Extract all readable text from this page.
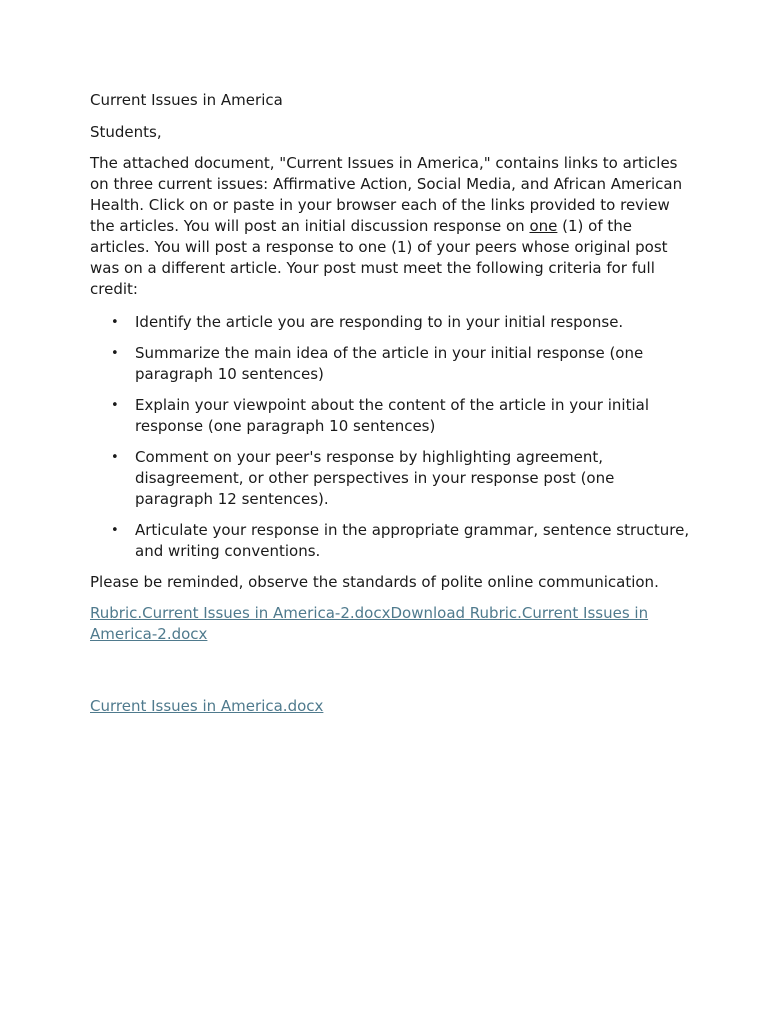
Current Issues in America

Students,

The attached document, "Current Issues in America," contains links to articles on three current issues: Affirmative Action, Social Media, and African American Health. Click on or paste in your browser each of the links provided to review the articles. You will post an initial discussion response on one (1) of the articles. You will post a response to one (1) of your peers whose original post was on a different article. Your post must meet the following criteria for full credit:

• Identify the article you are responding to in your initial response.
• Summarize the main idea of the article in your initial response (one paragraph 10 sentences)
• Explain your viewpoint about the content of the article in your initial response (one paragraph 10 sentences)
• Comment on your peer's response by highlighting agreement, disagreement, or other perspectives in your response post (one paragraph 12 sentences).
• Articulate your response in the appropriate grammar, sentence structure, and writing conventions.

Please be reminded, observe the standards of polite online communication.

Rubric.Current Issues in America-2.docxDownload Rubric.Current Issues in America-2.docx

Current Issues in America.docx
